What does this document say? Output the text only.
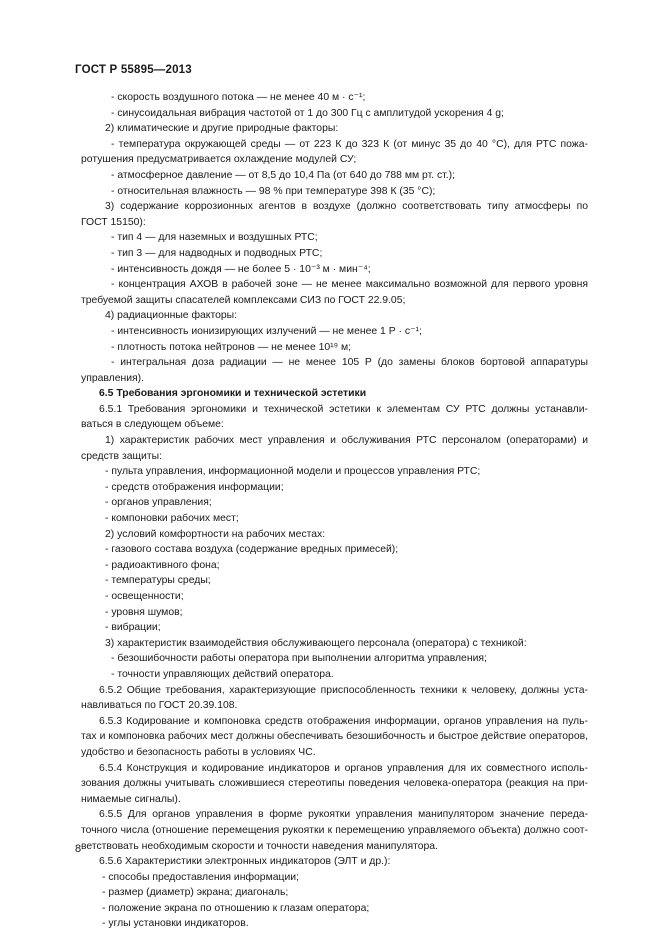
ГОСТ Р 55895—2013
- скорость воздушного потока — не менее 40 м · с⁻¹;
- синусоидальная вибрация частотой от 1 до 300 Гц с амплитудой ускорения 4 g;
2) климатические и другие природные факторы:
- температура окружающей среды — от 223 К до 323 К (от минус 35 до 40 °С), для РТС пожа-
ротушения предусматривается охлаждение модулей СУ;
- атмосферное давление — от 8,5 до 10,4 Па (от 640 до 788 мм рт. ст.);
- относительная влажность — 98 % при температуре 398 К (35 °С);
3) содержание коррозионных агентов в воздухе (должно соответствовать типу атмосферы по
ГОСТ 15150):
- тип 4 — для наземных и воздушных РТС;
- тип 3 — для надводных и подводных РТС;
- интенсивность дождя — не более 5 · 10⁻³ м · мин⁻⁴;
- концентрация АХОВ в рабочей зоне — не менее максимально возможной для первого уровня
требуемой защиты спасателей комплексами СИЗ по ГОСТ 22.9.05;
4) радиационные факторы:
- интенсивность ионизирующих излучений — не менее 1 Р · с⁻¹;
- плотность потока нейтронов — не менее 10¹⁹ м;
- интегральная доза радиации — не менее 105 Р (до замены блоков бортовой аппаратуры
управления).
6.5 Требования эргономики и технической эстетики
6.5.1 Требования эргономики и технической эстетики к элементам СУ РТС должны устанавли-
ваться в следующем объеме:
1) характеристик рабочих мест управления и обслуживания РТС персоналом (операторами) и
средств защиты:
- пульта управления, информационной модели и процессов управления РТС;
- средств отображения информации;
- органов управления;
- компоновки рабочих мест;
2) условий комфортности на рабочих местах:
- газового состава воздуха (содержание вредных примесей);
- радиоактивного фона;
- температуры среды;
- освещенности;
- уровня шумов;
- вибрации;
3) характеристик взаимодействия обслуживающего персонала (оператора) с техникой:
- безошибочности работы оператора при выполнении алгоритма управления;
- точности управляющих действий оператора.
6.5.2 Общие требования, характеризующие приспособленность техники к человеку, должны уста-
навливаться по ГОСТ 20.39.108.
6.5.3 Кодирование и компоновка средств отображения информации, органов управления на пуль-
тах и компоновка рабочих мест должны обеспечивать безошибочность и быстрое действие операторов,
удобство и безопасность работы в условиях ЧС.
6.5.4 Конструкция и кодирование индикаторов и органов управления для их совместного исполь-
зования должны учитывать сложившиеся стереотипы поведения человека-оператора (реакция на при-
нимаемые сигналы).
6.5.5 Для органов управления в форме рукоятки управления манипулятором значение переда-
точного числа (отношение перемещения рукоятки к перемещению управляемого объекта) должно соот-
ветствовать необходимым скорости и точности наведения манипулятора.
6.5.6 Характеристики электронных индикаторов (ЭЛТ и др.):
- способы предоставления информации;
- размер (диаметр) экрана; диагональ;
- положение экрана по отношению к глазам оператора;
- углы установки индикаторов.
8
